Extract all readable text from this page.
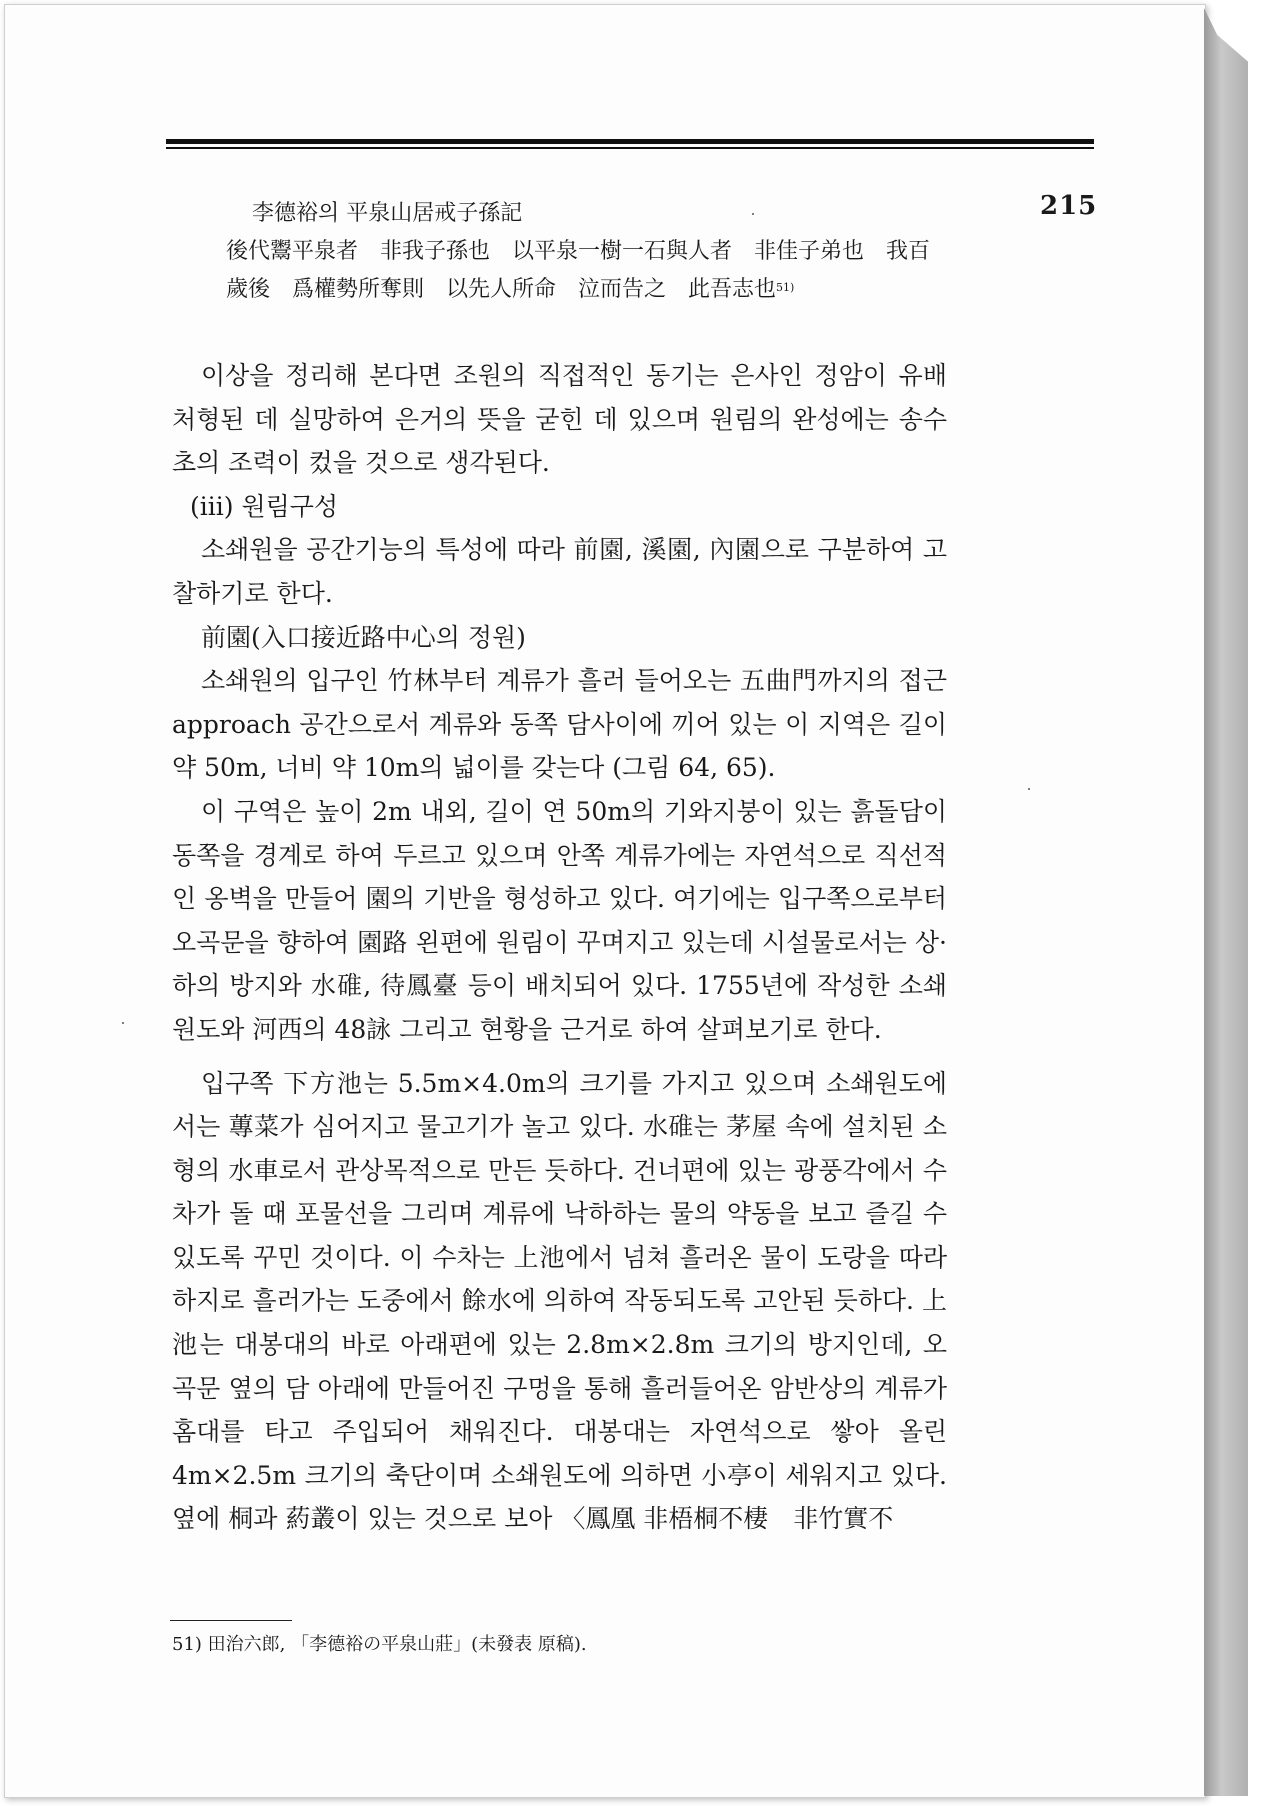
215
李德裕의 平泉山居戒子孫記
後代鬻平泉者　非我子孫也　以平泉一樹一石與人者　非佳子弟也　我百
歲後　爲權勢所奪則　以先人所命　泣而告之　此吾志也$^{51)}$

이상을 정리해 본다면 조원의 직접적인 동기는 은사인 정암이 유배 처형된 데 실망하여 은거의 뜻을 굳힌 데 있으며 원림의 완성에는 송수초의 조력이 컸을 것으로 생각된다.

(iii) 원림구성

소쇄원을 공간기능의 특성에 따라 前園, 溪園, 內園으로 구분하여 고찰하기로 한다.

前園(入口接近路中心의 정원)

소쇄원의 입구인 竹林부터 계류가 흘러 들어오는 五曲門까지의 접근 approach 공간으로서 계류와 동쪽 담사이에 끼어 있는 이 지역은 길이 약 50m, 너비 약 10m의 넓이를 갖는다 (그림 64, 65).

이 구역은 높이 2m 내외, 길이 연 50m의 기와지붕이 있는 흙돌담이 동쪽을 경계로 하여 두르고 있으며 안쪽 계류가에는 자연석으로 직선적인 옹벽을 만들어 園의 기반을 형성하고 있다. 여기에는 입구쪽으로부터 오곡문을 향하여 園路 왼편에 원림이 꾸며지고 있는데 시설물로서는 상·하의 방지와 水碓, 待鳳臺 등이 배치되어 있다. 1755년에 작성한 소쇄원도와 河西의 48詠 그리고 현황을 근거로 하여 살펴보기로 한다.

입구쪽 下方池는 5.5m×4.0m의 크기를 가지고 있으며 소쇄원도에서는 蓴菜가 심어지고 물고기가 놀고 있다. 水碓는 茅屋 속에 설치된 소형의 水車로서 관상목적으로 만든 듯하다. 건너편에 있는 광풍각에서 수차가 돌 때 포물선을 그리며 계류에 낙하하는 물의 약동을 보고 즐길 수 있도록 꾸민 것이다. 이 수차는 上池에서 넘쳐 흘러온 물이 도랑을 따라 하지로 흘러가는 도중에서 餘水에 의하여 작동되도록 고안된 듯하다. 上池는 대봉대의 바로 아래편에 있는 2.8m×2.8m 크기의 방지인데, 오곡문 옆의 담 아래에 만들어진 구멍을 통해 흘러들어온 암반상의 계류가 홈대를 타고 주입되어 채워진다. 대봉대는 자연석으로 쌓아 올린 4m×2.5m 크기의 축단이며 소쇄원도에 의하면 小亭이 세워지고 있다. 옆에 桐과 葯叢이 있는 것으로 보아 〈鳳凰 非梧桐不棲　非竹實不

51) 田治六郎, 「李德裕の平泉山莊」(未發表 原稿).
